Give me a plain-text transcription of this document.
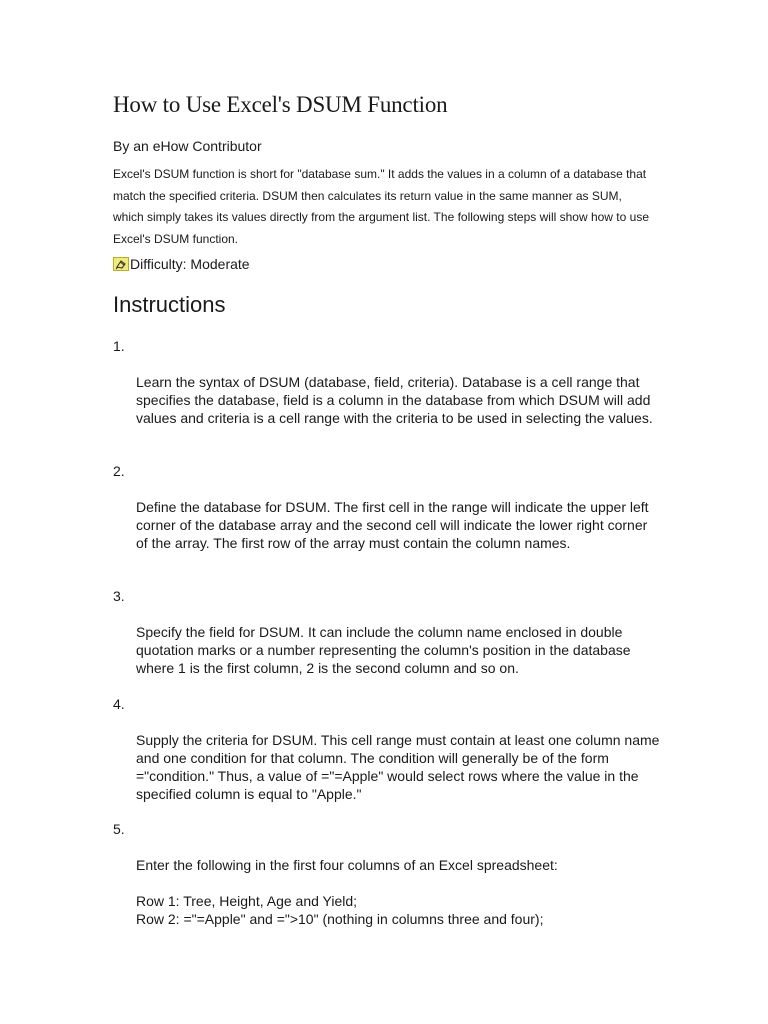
How to Use Excel's DSUM Function

By an eHow Contributor

Excel's DSUM function is short for "database sum." It adds the values in a column of a database that match the specified criteria. DSUM then calculates its return value in the same manner as SUM, which simply takes its values directly from the argument list. The following steps will show how to use Excel's DSUM function.

Difficulty: Moderate
Instructions

1.

Learn the syntax of DSUM (database, field, criteria). Database is a cell range that specifies the database, field is a column in the database from which DSUM will add values and criteria is a cell range with the criteria to be used in selecting the values.

2.

Define the database for DSUM. The first cell in the range will indicate the upper left corner of the database array and the second cell will indicate the lower right corner of the array. The first row of the array must contain the column names.

3.

Specify the field for DSUM. It can include the column name enclosed in double quotation marks or a number representing the column's position in the database where 1 is the first column, 2 is the second column and so on.

4.

Supply the criteria for DSUM. This cell range must contain at least one column name and one condition for that column. The condition will generally be of the form ="condition." Thus, a value of ="=Apple" would select rows where the value in the specified column is equal to "Apple."

5.

Enter the following in the first four columns of an Excel spreadsheet:

Row 1: Tree, Height, Age and Yield;
Row 2: ="=Apple" and =">10" (nothing in columns three and four);
